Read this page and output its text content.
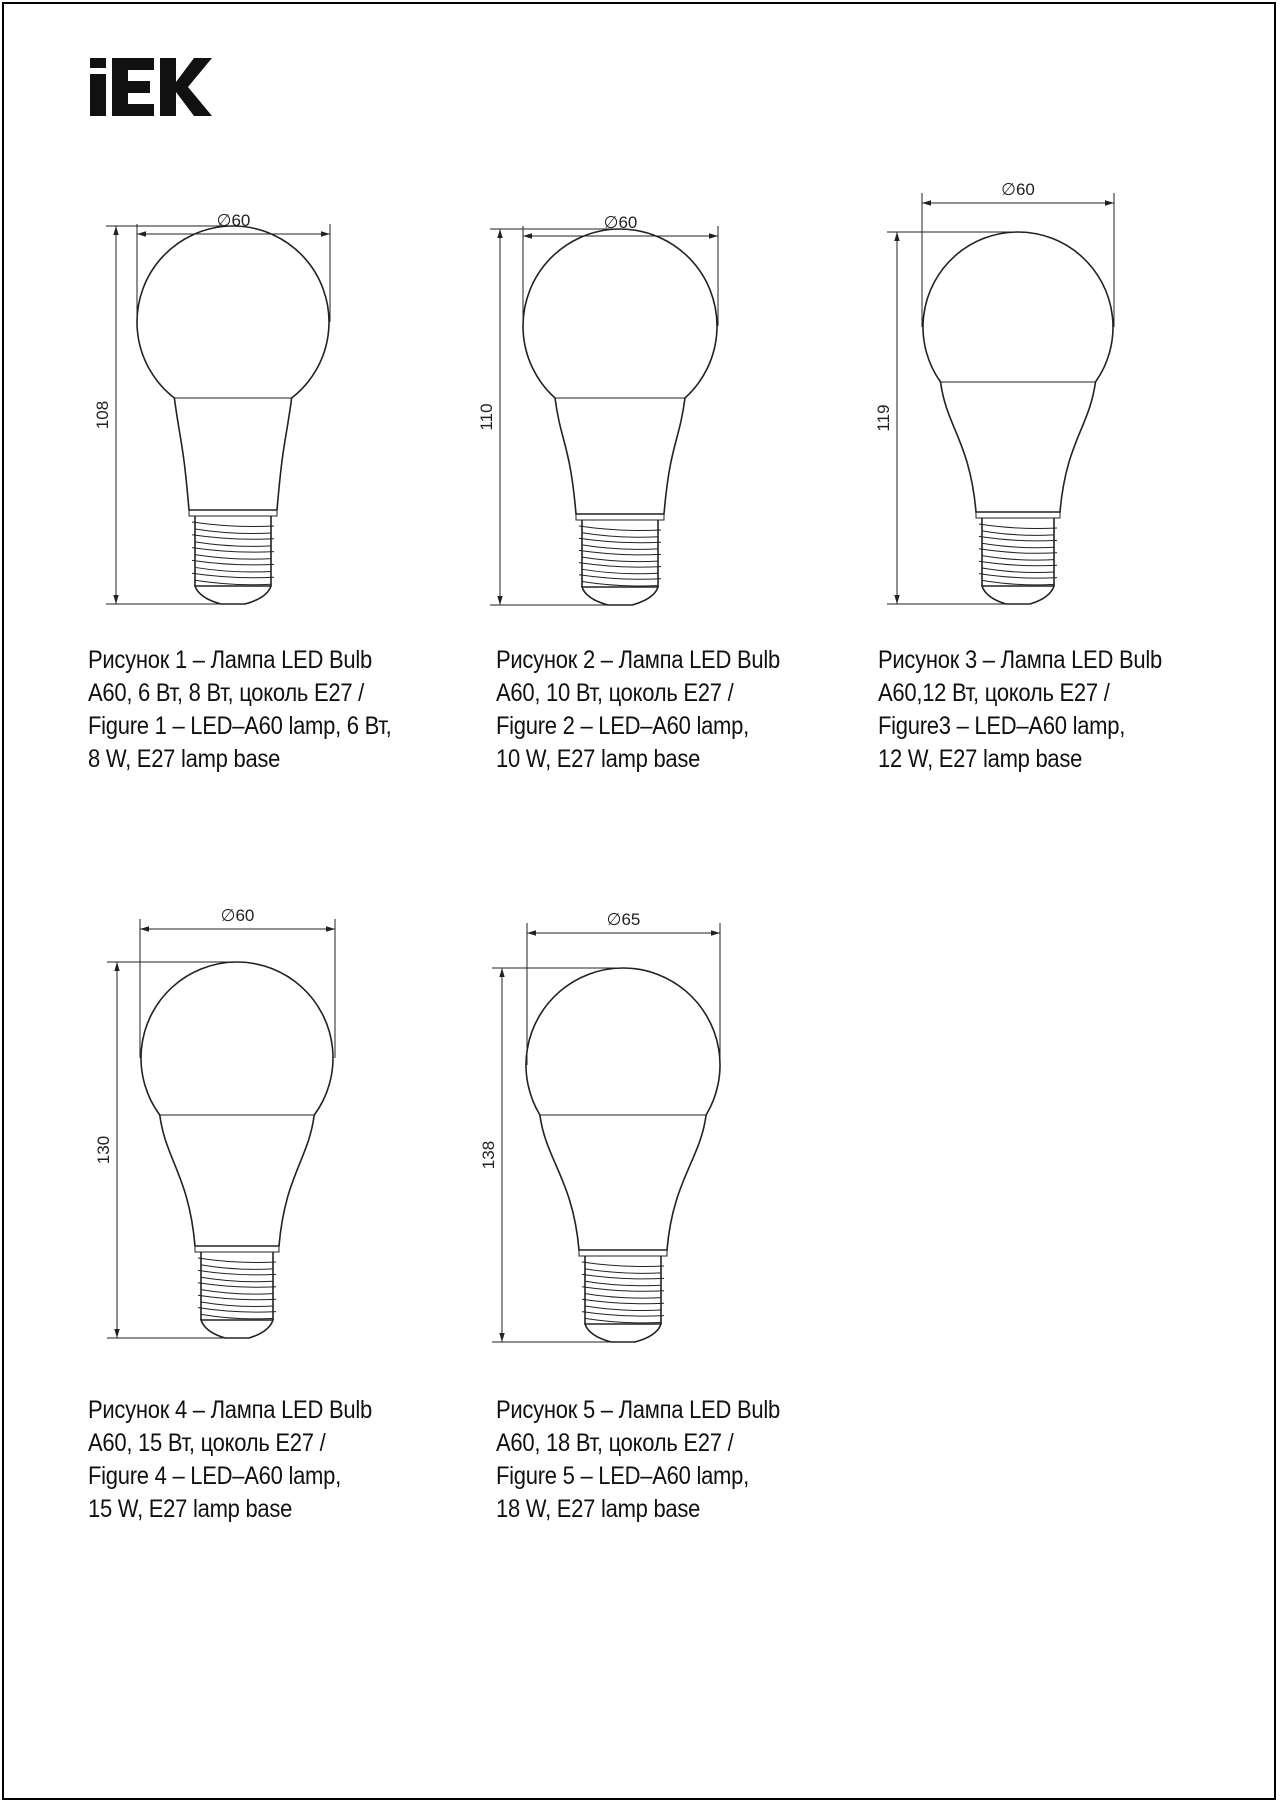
∅60
108
∅60
110
∅60
119
∅60
130
∅65
138
Рисунок 1 – Лампа LED Bulb
A60, 6 Вт, 8 Вт, цоколь E27 /
Figure 1 – LED–A60 lamp, 6 Вт,
8 W, E27 lamp base
Рисунок 2 – Лампа LED Bulb
A60, 10 Вт, цоколь E27 /
Figure 2 – LED–A60 lamp,
10 W, E27 lamp base
Рисунок 3 – Лампа LED Bulb
A60,12 Вт, цоколь E27 /
Figure3 – LED–A60 lamp,
12 W, E27 lamp base
Рисунок 4 – Лампа LED Bulb
A60, 15 Вт, цоколь E27 /
Figure 4 – LED–A60 lamp,
15 W, E27 lamp base
Рисунок 5 – Лампа LED Bulb
A60, 18 Вт, цоколь E27 /
Figure 5 – LED–A60 lamp,
18 W, E27 lamp base
